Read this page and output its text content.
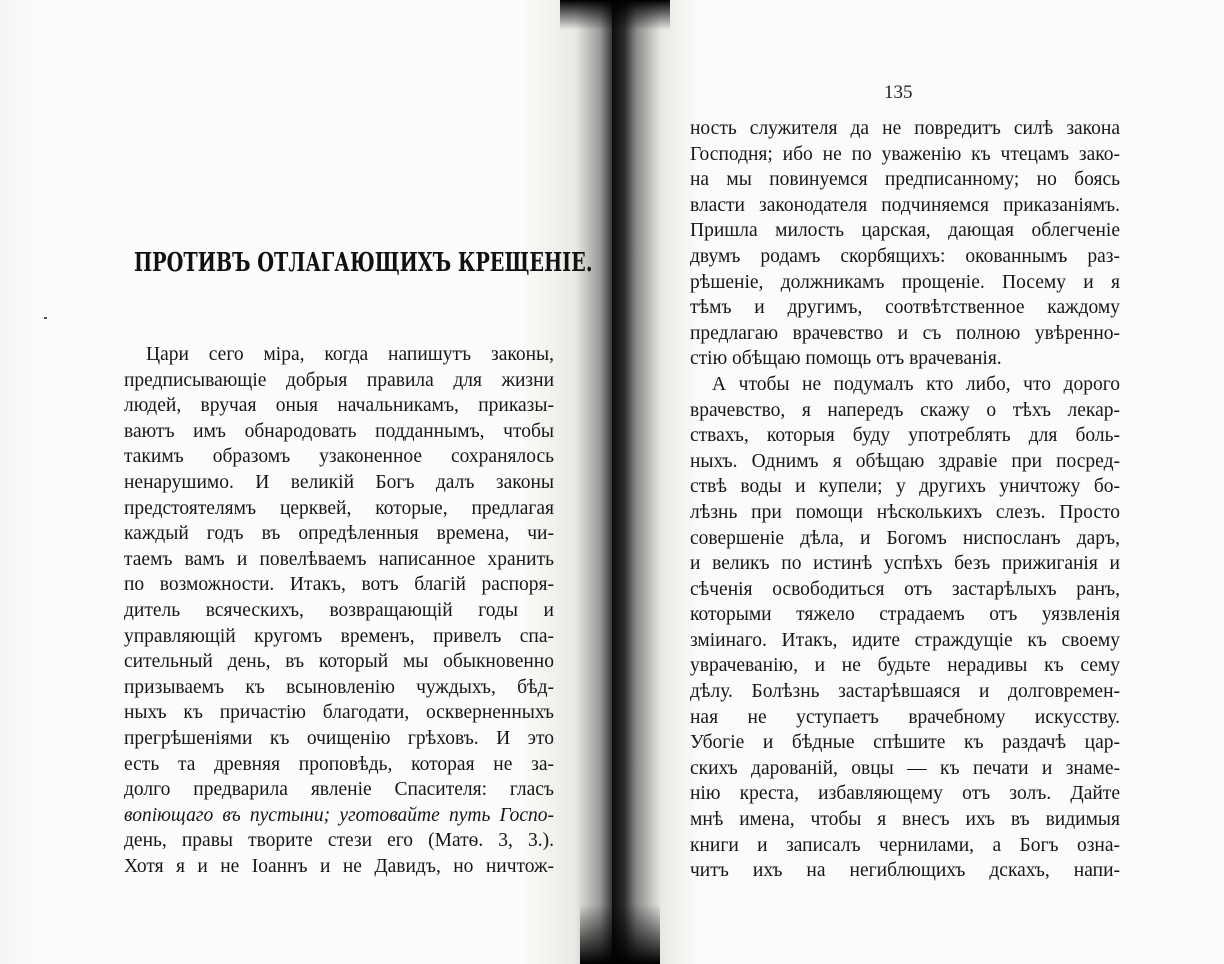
ПРОТИВЪ ОТЛАГАЮЩИХЪ КРЕЩЕНІЕ.
Цари сего міра, когда напишутъ законы,
предписывающіе добрыя правила для жизни
людей, вручая оныя начальникамъ, приказы-
ваютъ имъ обнародовать подданнымъ, чтобы
такимъ образомъ узаконенное сохранялось
ненарушимо. И великій Богъ далъ законы
предстоятелямъ церквей, которые, предлагая
каждый годъ въ опредѣленныя времена, чи-
таемъ вамъ и повелѣваемъ написанное хранить
по возможности. Итакъ, вотъ благій распоря-
дитель всяческихъ, возвращающій годы и
управляющій кругомъ временъ, привелъ спа-
сительный день, въ который мы обыкновенно
призываемъ къ всыновленію чуждыхъ, бѣд-
ныхъ къ причастію благодати, оскверненныхъ
прегрѣшеніями къ очищенію грѣховъ. И это
есть та древняя проповѣдь, которая не за-
долго предварила явленіе Спасителя: гласъ
вопіющаго въ пустыни; уготовайте путь Госпо-
день, правы творите стези его (Матѳ. 3, 3.).
Хотя я и не Іоаннъ и не Давидъ, но ничтож-
135
ность служителя да не повредитъ силѣ закона
Господня; ибо не по уваженію къ чтецамъ зако-
на мы повинуемся предписанному; но боясь
власти законодателя подчиняемся приказаніямъ.
Пришла милость царская, дающая облегченіе
двумъ родамъ скорбящихъ: окованнымъ раз-
рѣшеніе, должникамъ прощеніе. Посему и я
тѣмъ и другимъ, соотвѣтственное каждому
предлагаю врачевство и съ полною увѣренно-
стію обѣщаю помощь отъ врачеванія.
А чтобы не подумалъ кто либо, что дорого
врачевство, я напередъ скажу о тѣхъ лекар-
ствахъ, которыя буду употреблять для боль-
ныхъ. Однимъ я обѣщаю здравіе при посред-
ствѣ воды и купели; у другихъ уничтожу бо-
лѣзнь при помощи нѣсколькихъ слезъ. Просто
совершеніе дѣла, и Богомъ ниспосланъ даръ,
и великъ по истинѣ успѣхъ безъ прижиганія и
сѣченія освободиться отъ застарѣлыхъ ранъ,
которыми тяжело страдаемъ отъ уязвленія
зміинаго. Итакъ, идите страждущіе къ своему
уврачеванію, и не будьте нерадивы къ сему
дѣлу. Болѣзнь застарѣвшаяся и долговремен-
ная не уступаетъ врачебному искусству.
Убогіе и бѣдные спѣшите къ раздачѣ цар-
скихъ дарованій, овцы — къ печати и знаме-
нію креста, избавляющему отъ золъ. Дайте
мнѣ имена, чтобы я внесъ ихъ въ видимыя
книги и записалъ чернилами, а Богъ озна-
читъ ихъ на негиблющихъ дскахъ, напи-
